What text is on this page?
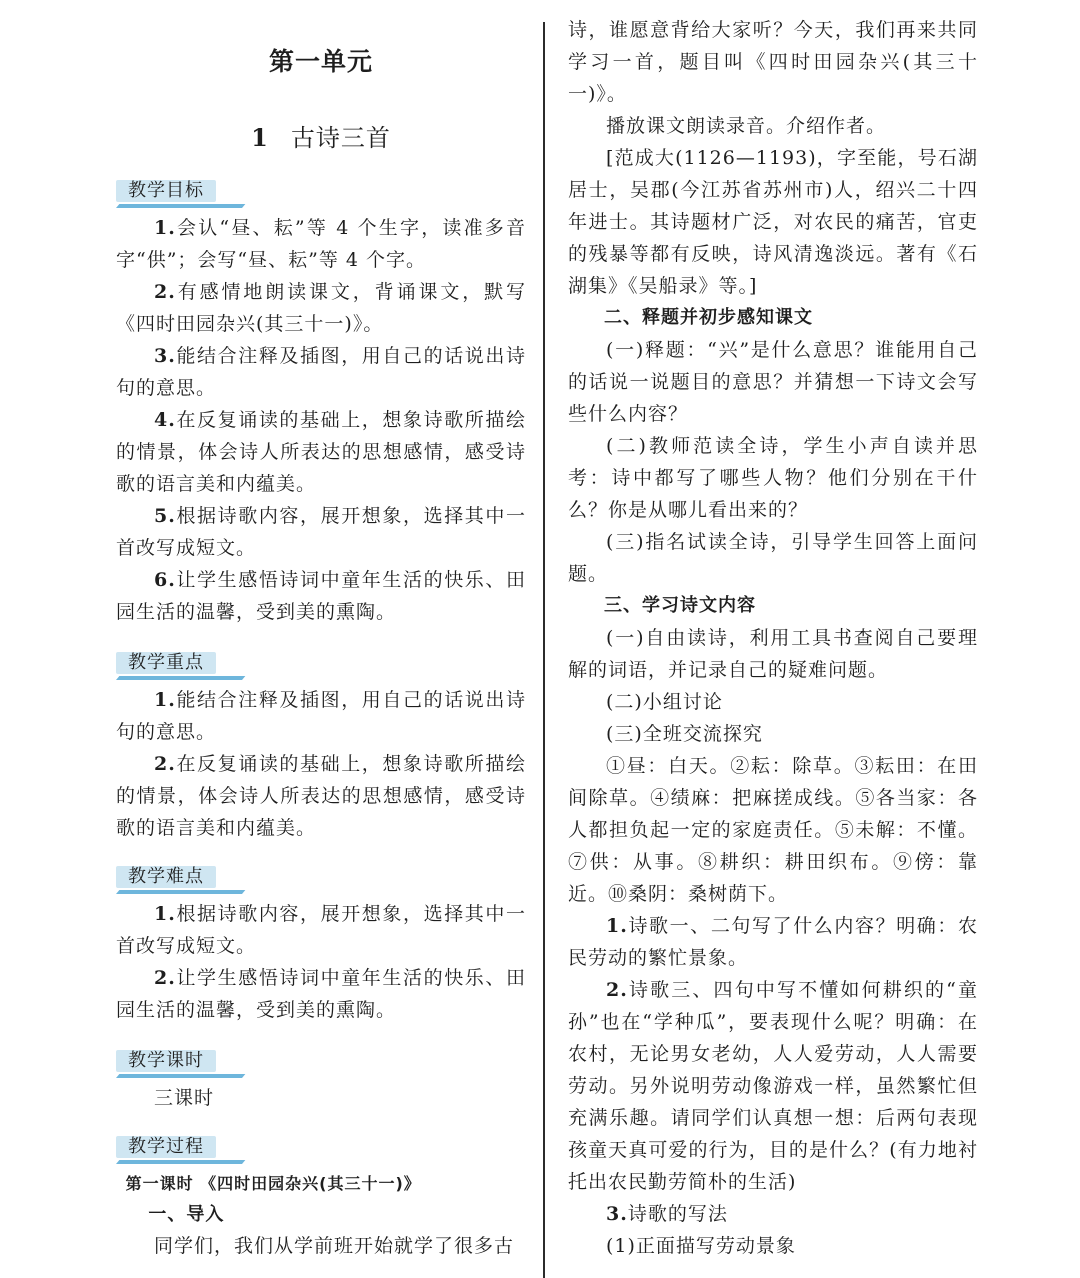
第一单元
1 古诗三首
教学目标

1.会认“昼、耘”等 4 个生字，读准多音字“供”；会写“昼、耘”等 4 个字。

2.有感情地朗读课文，背诵课文，默写《四时田园杂兴(其三十一)》。

3.能结合注释及插图，用自己的话说出诗句的意思。

4.在反复诵读的基础上，想象诗歌所描绘的情景，体会诗人所表达的思想感情，感受诗歌的语言美和内蕴美。

5.根据诗歌内容，展开想象，选择其中一首改写成短文。

6.让学生感悟诗词中童年生活的快乐、田园生活的温馨，受到美的熏陶。

教学重点

1.能结合注释及插图，用自己的话说出诗句的意思。

2.在反复诵读的基础上，想象诗歌所描绘的情景，体会诗人所表达的思想感情，感受诗歌的语言美和内蕴美。

教学难点

1.根据诗歌内容，展开想象，选择其中一首改写成短文。

2.让学生感悟诗词中童年生活的快乐、田园生活的温馨，受到美的熏陶。

教学课时

三课时

教学过程

第一课时 《四时田园杂兴(其三十一)》

一、导入

同学们，我们从学前班开始就学了很多古

诗，谁愿意背给大家听？今天，我们再来共同学习一首，题目叫《四时田园杂兴(其三十一)》。

播放课文朗读录音。介绍作者。

[范成大(1126—1193)，字至能，号石湖居士，吴郡(今江苏省苏州市)人，绍兴二十四年进士。其诗题材广泛，对农民的痛苦，官吏的残暴等都有反映，诗风清逸淡远。著有《石湖集》《吴船录》等。]

二、释题并初步感知课文

(一)释题：“兴”是什么意思？谁能用自己的话说一说题目的意思？并猜想一下诗文会写些什么内容？

(二)教师范读全诗，学生小声自读并思考：诗中都写了哪些人物？他们分别在干什么？你是从哪儿看出来的？

(三)指名试读全诗，引导学生回答上面问题。

三、学习诗文内容

(一)自由读诗，利用工具书查阅自己要理解的词语，并记录自己的疑难问题。

(二)小组讨论

(三)全班交流探究

①昼：白天。②耘：除草。③耘田：在田间除草。④绩麻：把麻搓成线。⑤各当家：各人都担负起一定的家庭责任。⑤未解：不懂。⑦供：从事。⑧耕织：耕田织布。⑨傍：靠近。⑩桑阴：桑树荫下。

1.诗歌一、二句写了什么内容？明确：农民劳动的繁忙景象。

2.诗歌三、四句中写不懂如何耕织的“童孙”也在“学种瓜”，要表现什么呢？明确：在农村，无论男女老幼，人人爱劳动，人人需要劳动。另外说明劳动像游戏一样，虽然繁忙但充满乐趣。请同学们认真想一想：后两句表现孩童天真可爱的行为，目的是什么？(有力地衬托出农民勤劳简朴的生活)

3.诗歌的写法

(1)正面描写劳动景象
